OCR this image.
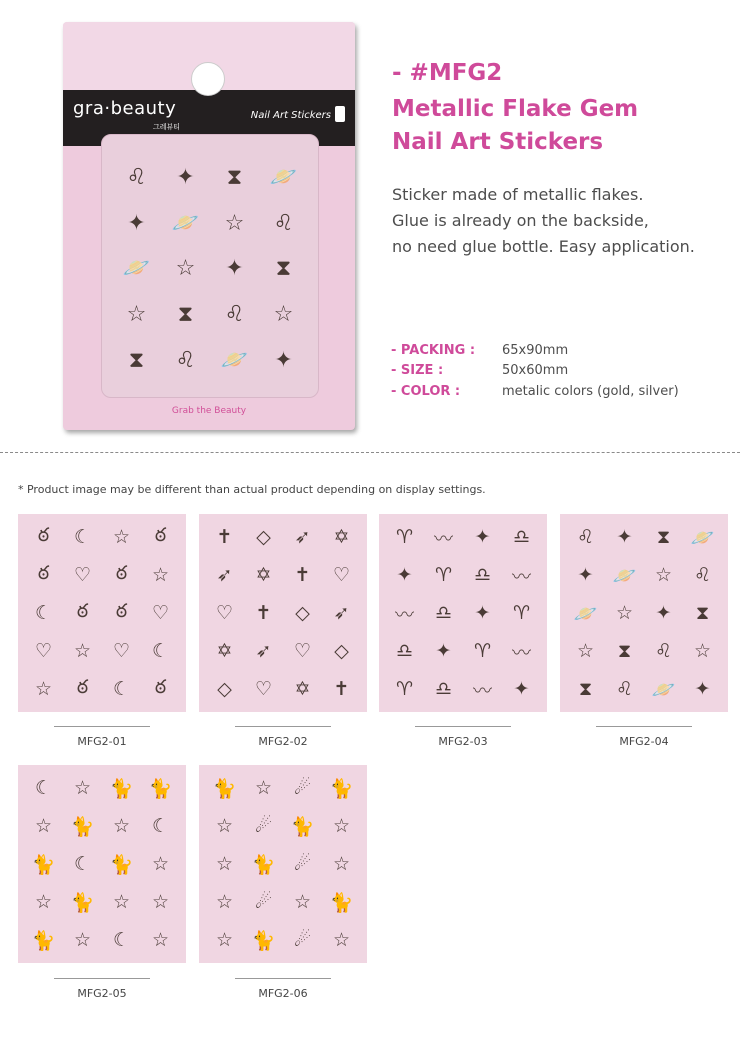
gra·beauty
그레뷰티
Nail Art Stickers
♌	✦	⧗	🪐
✦	🪐	☆	♌
🪐	☆	✦	⧗
☆	⧗	♌	☆
⧗	♌	🪐	✦
Grab the Beauty
- #MFG2
Metallic Flake Gem
Nail Art Stickers
Sticker made of metallic flakes.
Glue is already on the backside,
no need glue bottle. Easy application.
- PACKING : 65x90mm
- SIZE :	50x60mm
- COLOR :	metalic colors (gold, silver)
* Product image may be different than actual product depending on display settings.
ఠ	☾	☆	ఠ
ఠ	♡	ఠ	☆
☾	ఠ	ఠ	♡
♡	☆	♡	☾
☆	ఠ	☾	ఠ
MFG2-01
✝	◇	➶	✡
➶	✡	✝	♡
♡	✝	◇	➶
✡	➶	♡	◇
◇	♡	✡	✝
MFG2-02
♈	〰	✦	♎
✦	♈	♎	〰
〰	♎	✦	♈
♎	✦	♈	〰
♈	♎	〰	✦
MFG2-03
♌	✦	⧗	🪐
✦	🪐 ☆	♌
🪐 ☆	✦	⧗
☆	⧗	♌	☆
⧗	♌ 🪐	✦
MFG2-04
☾	☆ 🐈 🐈
☆ 🐈 ☆	☾
🐈 ☾ 🐈 ☆
☆ 🐈 ☆	☆
🐈 ☆	☾	☆
MFG2-05
🐈 ☆	☄ 🐈
☆	☄ 🐈 ☆
☆ 🐈 ☄	☆
☆	☄	☆ 🐈
☆ 🐈 ☄	☆
MFG2-06
